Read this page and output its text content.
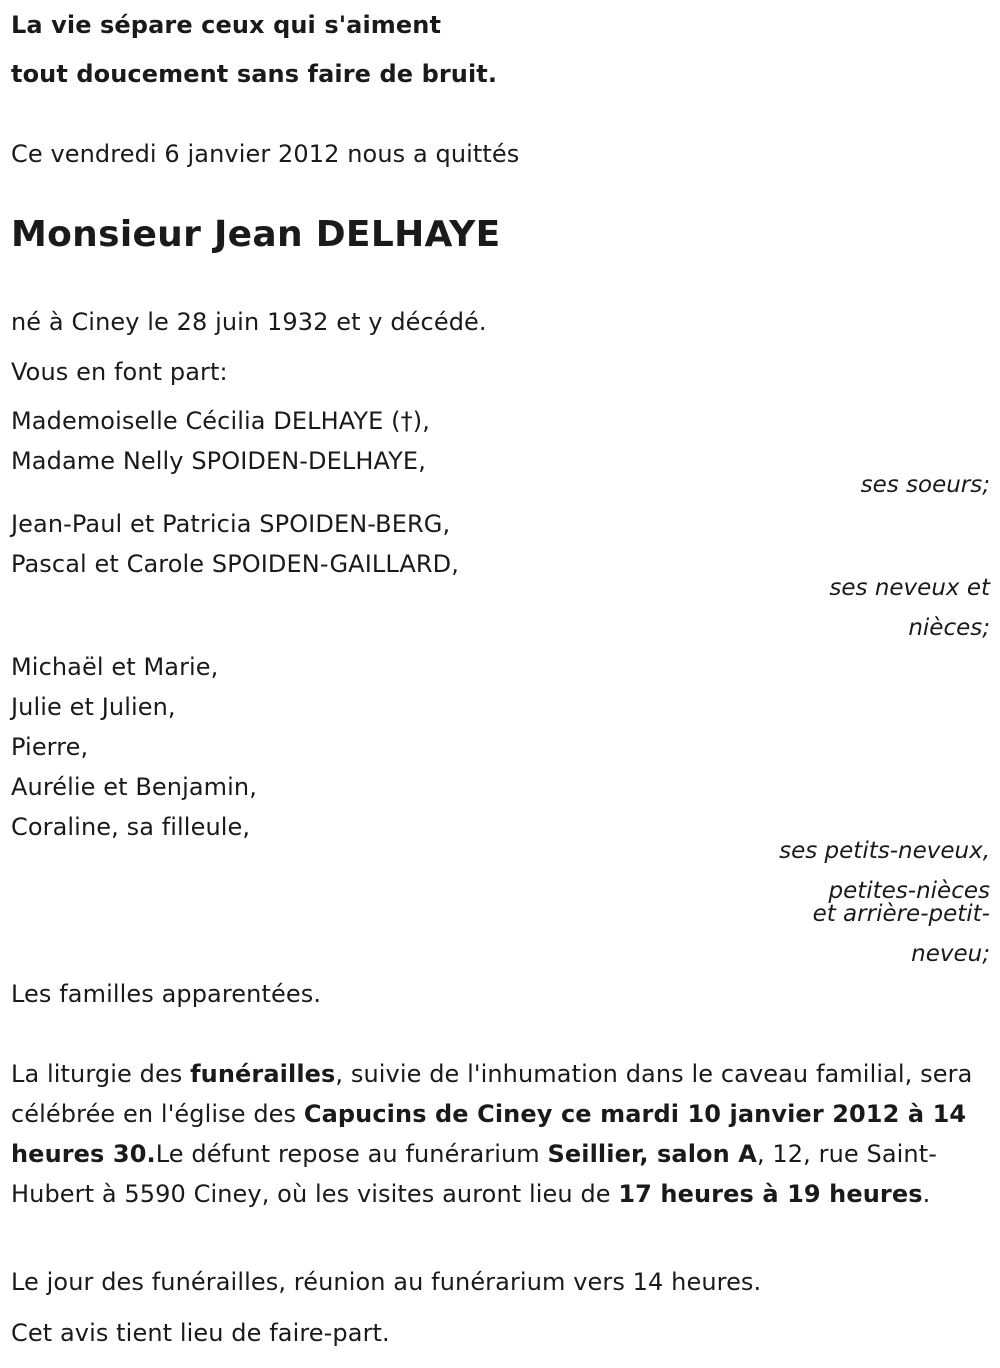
La vie sépare ceux qui s'aiment
tout doucement sans faire de bruit.
Ce vendredi 6 janvier 2012 nous a quittés
Monsieur Jean DELHAYE
né à Ciney le 28 juin 1932 et y décédé.
Vous en font part:
Mademoiselle Cécilia DELHAYE (†),
Madame Nelly SPOIDEN-DELHAYE,
ses soeurs;
Jean-Paul et Patricia SPOIDEN-BERG,
Pascal et Carole SPOIDEN-GAILLARD,
ses neveux et
nièces;
Michaël et Marie,
Julie et Julien,
Pierre,
Aurélie et Benjamin,
Coraline, sa filleule,
ses petits-neveux,
petites-nièces
et arrière-petit-
neveu;
Les familles apparentées.
La liturgie des funérailles, suivie de l'inhumation dans le caveau familial, sera célébrée en l'église des Capucins de Ciney ce mardi 10 janvier 2012 à 14 heures 30.Le défunt repose au funérarium Seillier, salon A, 12, rue Saint-Hubert à 5590 Ciney, où les visites auront lieu de 17 heures à 19 heures.
Le jour des funérailles, réunion au funérarium vers 14 heures.
Cet avis tient lieu de faire-part.
